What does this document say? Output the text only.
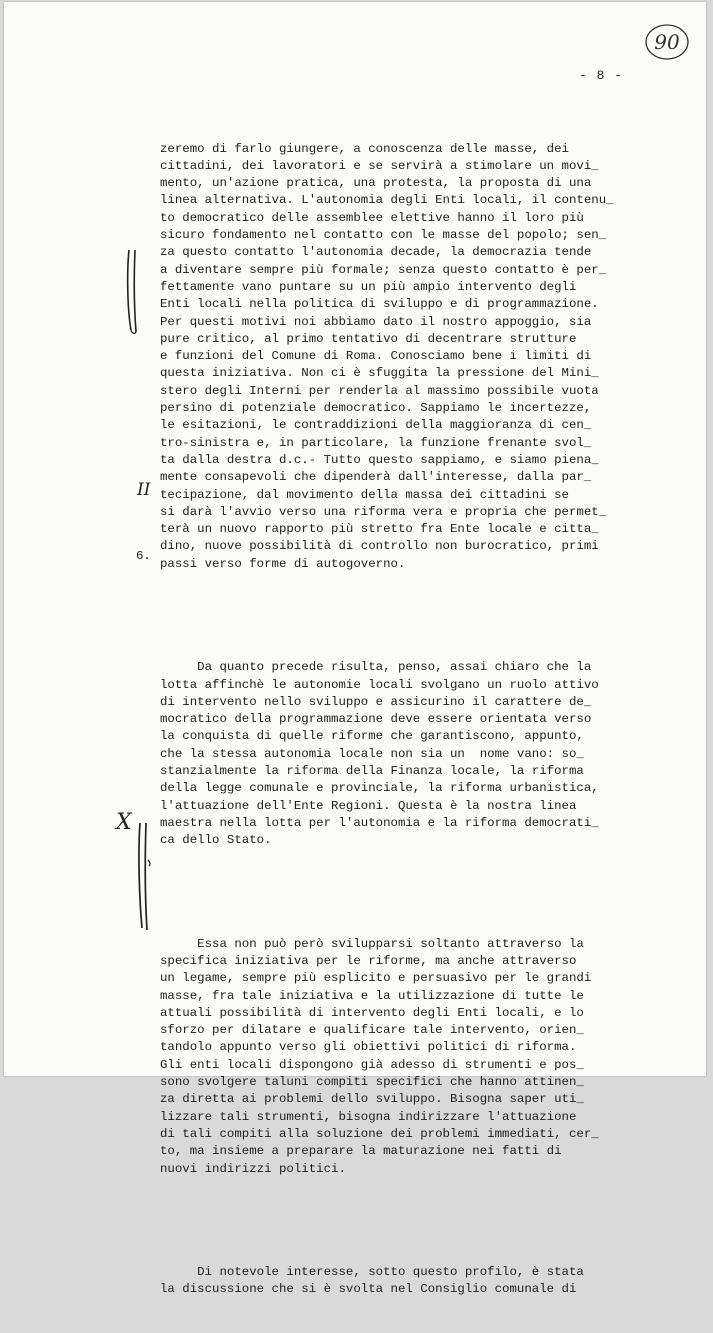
90

- 8 -

6.

zeremo di farlo giungere, a conoscenza delle masse, dei
cittadini, dei lavoratori e se servirà a stimolare un movi_
mento, un'azione pratica, una protesta, la proposta di una
linea alternativa. L'autonomia degli Enti locali, il contenu_
to democratico delle assemblee elettive hanno il loro più
sicuro fondamento nel contatto con le masse del popolo; sen_
za questo contatto l'autonomia decade, la democrazia tende
a diventare sempre più formale; senza questo contatto è per_
fettamente vano puntare su un più ampio intervento degli
Enti locali nella politica di sviluppo e di programmazione.
Per questi motivi noi abbiamo dato il nostro appoggio, sia
pure critico, al primo tentativo di decentrare strutture
e funzioni del Comune di Roma. Conosciamo bene i limiti di
questa iniziativa. Non ci è sfuggita la pressione del Mini_
stero degli Interni per renderla al massimo possibile vuota
persino di potenziale democratico. Sappiamo le incertezze,
le esitazioni, le contraddizioni della maggioranza di cen_
tro-sinistra e, in particolare, la funzione frenante svol_
ta dalla destra d.c.- Tutto questo sappiamo, e siamo piena_
mente consapevoli che dipenderà dall'interesse, dalla par_
tecipazione, dal movimento della massa dei cittadini se
si darà l'avvio verso una riforma vera e propria che permet_
terà un nuovo rapporto più stretto fra Ente locale e citta_
dino, nuove possibilità di controllo non burocratico, primi
passi verso forme di autogoverno.

Da quanto precede risulta, penso, assai chiaro che la
lotta affinchè le autonomie locali svolgano un ruolo attivo
di intervento nello sviluppo e assicurino il carattere de_
mocratico della programmazione deve essere orientata verso
la conquista di quelle riforme che garantiscono, appunto,
che la stessa autonomia locale non sia un  nome vano: so_
stanzialmente la riforma della Finanza locale, la riforma
della legge comunale e provinciale, la riforma urbanistica,
l'attuazione dell'Ente Regioni. Questa è la nostra linea
maestra nella lotta per l'autonomia e la riforma democrati_
ca dello Stato.

Essa non può però svilupparsi soltanto attraverso la
specifica iniziativa per le riforme, ma anche attraverso
un legame, sempre più esplicito e persuasivo per le grandi
masse, fra tale iniziativa e la utilizzazione di tutte le
attuali possibilità di intervento degli Enti locali, e lo
sforzo per dilatare e qualificare tale intervento, orien_
tandolo appunto verso gli obiettivi politici di riforma.
Gli enti locali dispongono già adesso di strumenti e pos_
sono svolgere taluni compiti specifici che hanno attinen_
za diretta ai problemi dello sviluppo. Bisogna saper uti_
lizzare tali strumenti, bisogna indirizzare l'attuazione
di tali compiti alla soluzione dei problemi immediati, cer_
to, ma insieme a preparare la maturazione nei fatti di
nuovi indirizzi politici.

Di notevole interesse, sotto questo profilo, è stata
la discussione che si è svolta nel Consiglio comunale di

II
X
